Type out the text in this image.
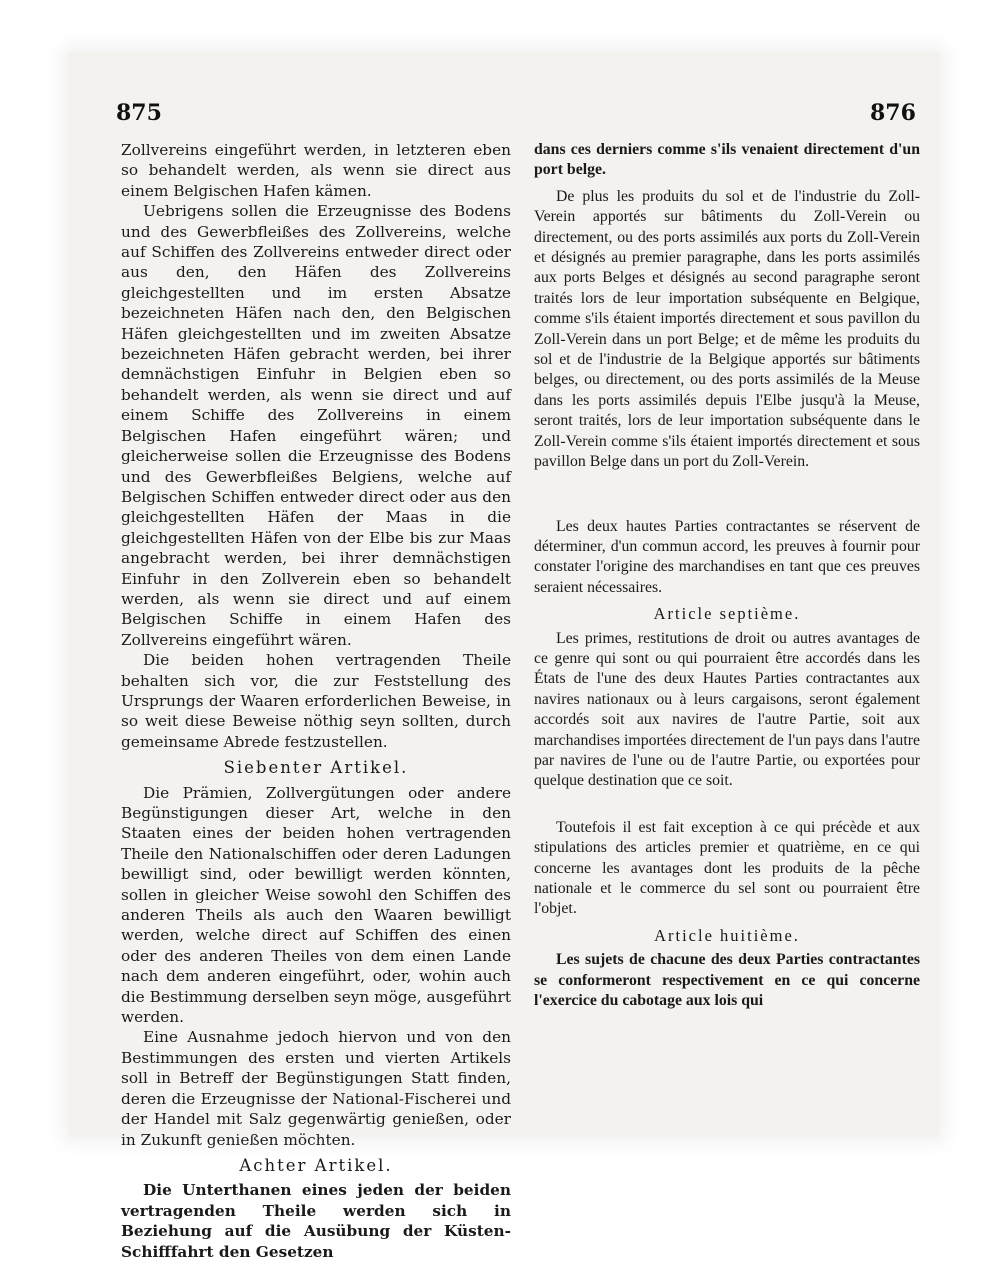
875	876

Zollvereins eingeführt werden, in letzteren eben so behandelt werden, als wenn sie direct aus einem Belgischen Hafen kämen.

Uebrigens sollen die Erzeugnisse des Bodens und des Gewerbfleißes des Zollvereins, welche auf Schiffen des Zollvereins entweder direct oder aus den, den Häfen des Zollvereins gleichgestellten und im ersten Absatze bezeichneten Häfen nach den, den Belgischen Häfen gleichgestellten und im zweiten Absatze bezeichneten Häfen gebracht werden, bei ihrer demnächstigen Einfuhr in Belgien eben so behandelt werden, als wenn sie direct und auf einem Schiffe des Zollvereins in einem Belgischen Hafen eingeführt wären; und gleicherweise sollen die Erzeugnisse des Bodens und des Gewerbfleißes Belgiens, welche auf Belgischen Schiffen entweder direct oder aus den gleichgestellten Häfen der Maas in die gleichgestellten Häfen von der Elbe bis zur Maas angebracht werden, bei ihrer demnächstigen Einfuhr in den Zollverein eben so behandelt werden, als wenn sie direct und auf einem Belgischen Schiffe in einem Hafen des Zollvereins eingeführt wären.

Die beiden hohen vertragenden Theile behalten sich vor, die zur Feststellung des Ursprungs der Waaren erforderlichen Beweise, in so weit diese Beweise nöthig seyn sollten, durch gemeinsame Abrede festzustellen.

Siebenter Artikel.

Die Prämien, Zollvergütungen oder andere Begünstigungen dieser Art, welche in den Staaten eines der beiden hohen vertragenden Theile den Nationalschiffen oder deren Ladungen bewilligt sind, oder bewilligt werden könnten, sollen in gleicher Weise sowohl den Schiffen des anderen Theils als auch den Waaren bewilligt werden, welche direct auf Schiffen des einen oder des anderen Theiles von dem einen Lande nach dem anderen eingeführt, oder, wohin auch die Bestimmung derselben seyn möge, ausgeführt werden.

Eine Ausnahme jedoch hiervon und von den Bestimmungen des ersten und vierten Artikels soll in Betreff der Begünstigungen Statt finden, deren die Erzeugnisse der National-Fischerei und der Handel mit Salz gegenwärtig genießen, oder in Zukunft genießen möchten.

Achter Artikel.

Die Unterthanen eines jeden der beiden vertragenden Theile werden sich in Beziehung auf die Ausübung der Küsten-Schifffahrt den Gesetzen

dans ces derniers comme s'ils venaient directement d'un port belge.

De plus les produits du sol et de l'industrie du Zoll-Verein apportés sur bâtiments du Zoll-Verein ou directement, ou des ports assimilés aux ports du Zoll-Verein et désignés au premier paragraphe, dans les ports assimilés aux ports Belges et désignés au second paragraphe seront traités lors de leur importation subséquente en Belgique, comme s'ils étaient importés directement et sous pavillon du Zoll-Verein dans un port Belge; et de même les produits du sol et de l'industrie de la Belgique apportés sur bâtiments belges, ou directement, ou des ports assimilés de la Meuse dans les ports assimilés depuis l'Elbe jusqu'à la Meuse, seront traités, lors de leur importation subséquente dans le Zoll-Verein comme s'ils étaient importés directement et sous pavillon Belge dans un port du Zoll-Verein.

Les deux hautes Parties contractantes se réservent de déterminer, d'un commun accord, les preuves à fournir pour constater l'origine des marchandises en tant que ces preuves seraient nécessaires.

Article septième.

Les primes, restitutions de droit ou autres avantages de ce genre qui sont ou qui pourraient être accordés dans les États de l'une des deux Hautes Parties contractantes aux navires nationaux ou à leurs cargaisons, seront également accordés soit aux navires de l'autre Partie, soit aux marchandises importées directement de l'un pays dans l'autre par navires de l'une ou de l'autre Partie, ou exportées pour quelque destination que ce soit.

Toutefois il est fait exception à ce qui précède et aux stipulations des articles premier et quatrième, en ce qui concerne les avantages dont les produits de la pêche nationale et le commerce du sel sont ou pourraient être l'objet.

Article huitième.

Les sujets de chacune des deux Parties contractantes se conformeront respectivement en ce qui concerne l'exercice du cabotage aux lois qui
